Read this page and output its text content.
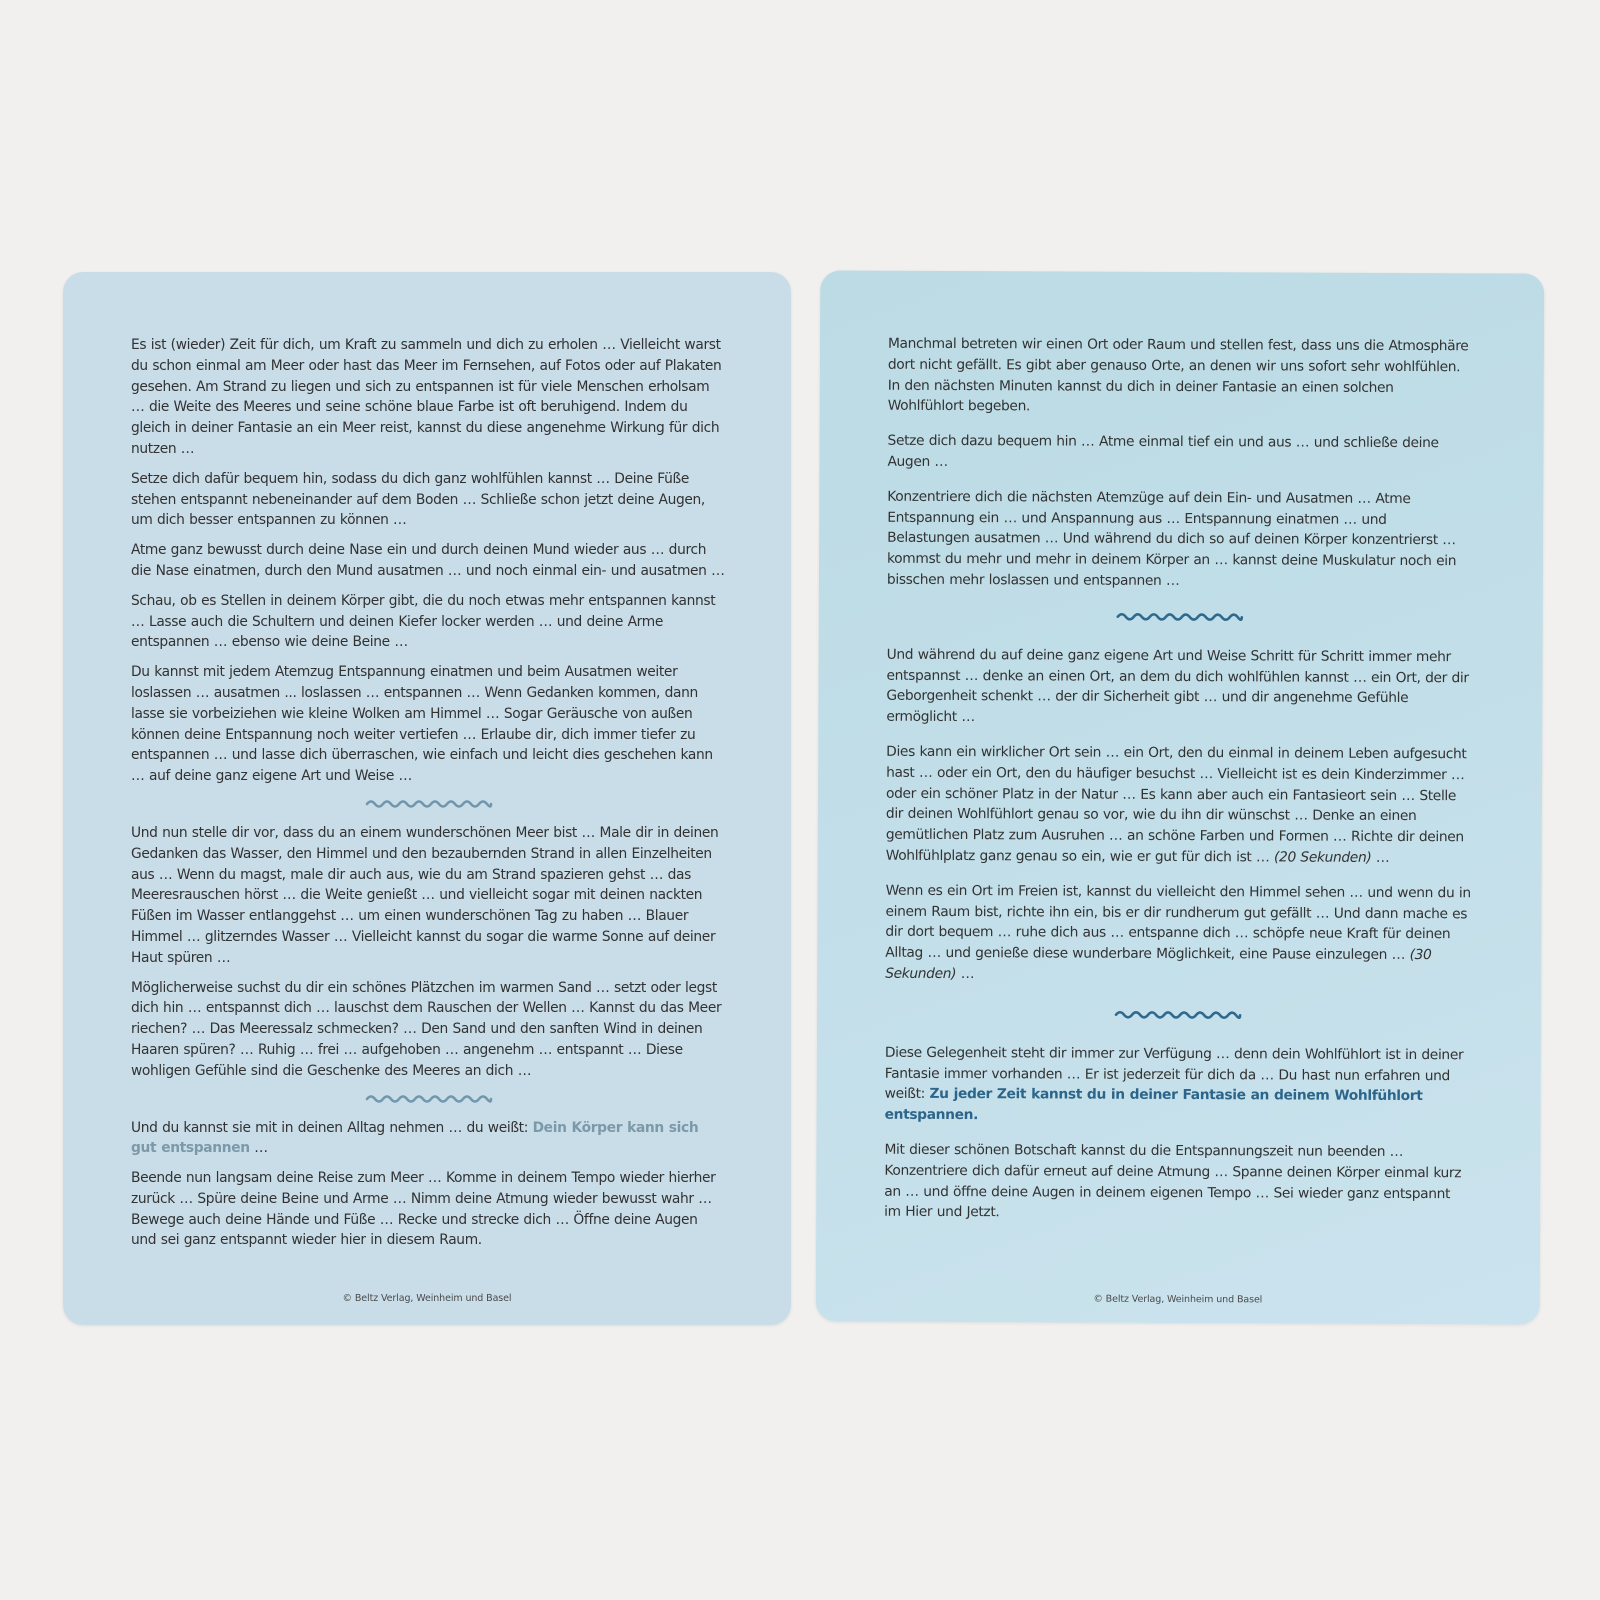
Es ist (wieder) Zeit für dich, um Kraft zu sammeln und dich zu erholen … Vielleicht warst du schon einmal am Meer oder hast das Meer im Fernsehen, auf Fotos oder auf Plakaten gesehen. Am Strand zu liegen und sich zu entspannen ist für viele Menschen erholsam … die Weite des Meeres und seine schöne blaue Farbe ist oft beruhigend. Indem du gleich in deiner Fantasie an ein Meer reist, kannst du diese angenehme Wirkung für dich nutzen …

Setze dich dafür bequem hin, sodass du dich ganz wohlfühlen kannst … Deine Füße stehen entspannt nebeneinander auf dem Boden … Schließe schon jetzt deine Augen, um dich besser entspannen zu können …

Atme ganz bewusst durch deine Nase ein und durch deinen Mund wieder aus … durch die Nase einatmen, durch den Mund ausatmen … und noch einmal ein- und ausatmen …

Schau, ob es Stellen in deinem Körper gibt, die du noch etwas mehr entspannen kannst … Lasse auch die Schultern und deinen Kiefer locker werden … und deine Arme entspannen … ebenso wie deine Beine …

Du kannst mit jedem Atemzug Entspannung einatmen und beim Ausatmen weiter loslassen … ausatmen ... loslassen … entspannen … Wenn Gedanken kommen, dann lasse sie vorbeiziehen wie kleine Wolken am Himmel … Sogar Geräusche von außen können deine Entspannung noch weiter vertiefen … Erlaube dir, dich immer tiefer zu entspannen … und lasse dich überraschen, wie einfach und leicht dies geschehen kann … auf deine ganz eigene Art und Weise …

Und nun stelle dir vor, dass du an einem wunderschönen Meer bist … Male dir in deinen Gedanken das Wasser, den Himmel und den bezaubernden Strand in allen Einzelheiten aus … Wenn du magst, male dir auch aus, wie du am Strand spazieren gehst … das Meeresrauschen hörst … die Weite genießt … und vielleicht sogar mit deinen nackten Füßen im Wasser entlanggehst … um einen wunderschönen Tag zu haben … Blauer Himmel … glitzerndes Wasser … Vielleicht kannst du sogar die warme Sonne auf deiner Haut spüren …

Möglicherweise suchst du dir ein schönes Plätzchen im warmen Sand … setzt oder legst dich hin … entspannst dich … lauschst dem Rauschen der Wellen … Kannst du das Meer riechen? … Das Meeressalz schmecken? … Den Sand und den sanften Wind in deinen Haaren spüren? … Ruhig … frei … aufgehoben … angenehm … entspannt … Diese wohligen Gefühle sind die Geschenke des Meeres an dich …

Und du kannst sie mit in deinen Alltag nehmen … du weißt: Dein Körper kann sich gut entspannen …

Beende nun langsam deine Reise zum Meer … Komme in deinem Tempo wieder hierher zurück … Spüre deine Beine und Arme … Nimm deine Atmung wieder bewusst wahr … Bewege auch deine Hände und Füße … Recke und strecke dich … Öffne deine Augen und sei ganz entspannt wieder hier in diesem Raum.

© Beltz Verlag, Weinheim und Basel

Manchmal betreten wir einen Ort oder Raum und stellen fest, dass uns die Atmosphäre dort nicht gefällt. Es gibt aber genauso Orte, an denen wir uns sofort sehr wohlfühlen. In den nächsten Minuten kannst du dich in deiner Fantasie an einen solchen Wohlfühlort begeben.

Setze dich dazu bequem hin … Atme einmal tief ein und aus … und schließe deine Augen …

Konzentriere dich die nächsten Atemzüge auf dein Ein- und Ausatmen … Atme Entspannung ein … und Anspannung aus … Entspannung einatmen … und Belastungen ausatmen … Und während du dich so auf deinen Körper konzentrierst … kommst du mehr und mehr in deinem Körper an … kannst deine Muskulatur noch ein bisschen mehr loslassen und entspannen …

Und während du auf deine ganz eigene Art und Weise Schritt für Schritt immer mehr entspannst … denke an einen Ort, an dem du dich wohlfühlen kannst … ein Ort, der dir Geborgenheit schenkt … der dir Sicherheit gibt … und dir angenehme Gefühle ermöglicht …

Dies kann ein wirklicher Ort sein … ein Ort, den du einmal in deinem Leben aufgesucht hast … oder ein Ort, den du häufiger besuchst … Vielleicht ist es dein Kinderzimmer … oder ein schöner Platz in der Natur … Es kann aber auch ein Fantasieort sein … Stelle dir deinen Wohlfühlort genau so vor, wie du ihn dir wünschst … Denke an einen gemütlichen Platz zum Ausruhen … an schöne Farben und Formen … Richte dir deinen Wohlfühlplatz ganz genau so ein, wie er gut für dich ist … (20 Sekunden) …

Wenn es ein Ort im Freien ist, kannst du vielleicht den Himmel sehen … und wenn du in einem Raum bist, richte ihn ein, bis er dir rundherum gut gefällt … Und dann mache es dir dort bequem … ruhe dich aus … entspanne dich … schöpfe neue Kraft für deinen Alltag … und genieße diese wunderbare Möglichkeit, eine Pause einzulegen … (30 Sekunden) …

Diese Gelegenheit steht dir immer zur Verfügung … denn dein Wohlfühlort ist in deiner Fantasie immer vorhanden … Er ist jederzeit für dich da … Du hast nun erfahren und weißt: Zu jeder Zeit kannst du in deiner Fantasie an deinem Wohlfühlort entspannen.

Mit dieser schönen Botschaft kannst du die Entspannungszeit nun beenden … Konzentriere dich dafür erneut auf deine Atmung … Spanne deinen Körper einmal kurz an … und öffne deine Augen in deinem eigenen Tempo … Sei wieder ganz entspannt im Hier und Jetzt.

© Beltz Verlag, Weinheim und Basel
